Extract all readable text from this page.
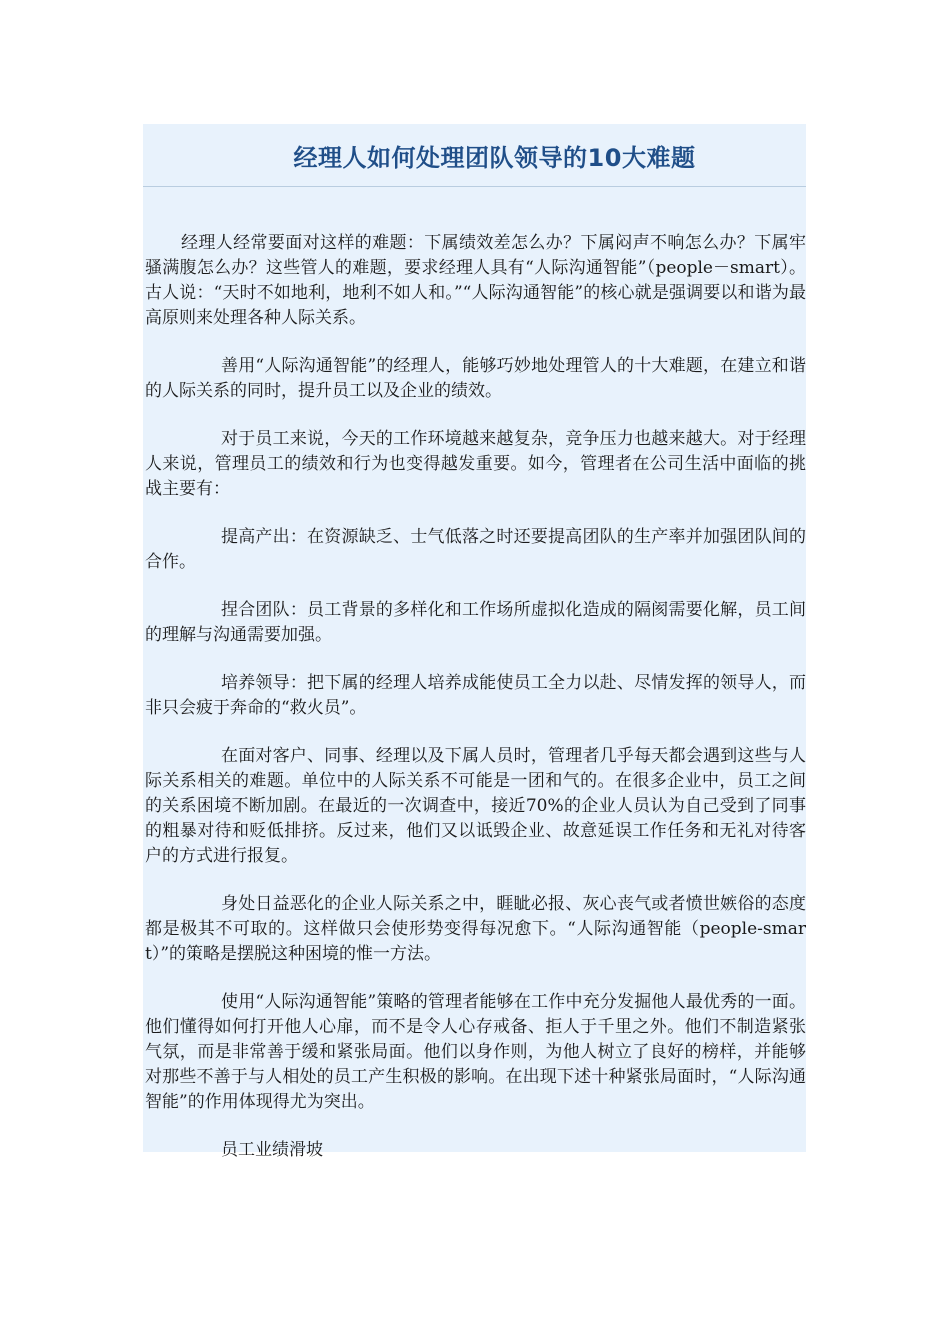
经理人如何处理团队领导的10大难题

经理人经常要面对这样的难题：下属绩效差怎么办？下属闷声不响怎么办？下属牢骚满腹怎么办？这些管人的难题，要求经理人具有“人际沟通智能”（people－smart）。古人说：“天时不如地利，地利不如人和。”“人际沟通智能”的核心就是强调要以和谐为最高原则来处理各种人际关系。

善用“人际沟通智能”的经理人，能够巧妙地处理管人的十大难题，在建立和谐的人际关系的同时，提升员工以及企业的绩效。

对于员工来说，今天的工作环境越来越复杂，竞争压力也越来越大。对于经理人来说，管理员工的绩效和行为也变得越发重要。如今，管理者在公司生活中面临的挑战主要有：

提高产出：在资源缺乏、士气低落之时还要提高团队的生产率并加强团队间的合作。

捏合团队：员工背景的多样化和工作场所虚拟化造成的隔阂需要化解，员工间的理解与沟通需要加强。

培养领导：把下属的经理人培养成能使员工全力以赴、尽情发挥的领导人，而非只会疲于奔命的“救火员”。

在面对客户、同事、经理以及下属人员时，管理者几乎每天都会遇到这些与人际关系相关的难题。单位中的人际关系不可能是一团和气的。在很多企业中，员工之间的关系困境不断加剧。在最近的一次调查中，接近70%的企业人员认为自己受到了同事的粗暴对待和贬低排挤。反过来，他们又以诋毁企业、故意延误工作任务和无礼对待客户的方式进行报复。

身处日益恶化的企业人际关系之中，睚眦必报、灰心丧气或者愤世嫉俗的态度都是极其不可取的。这样做只会使形势变得每况愈下。“人际沟通智能（people-smart）”的策略是摆脱这种困境的惟一方法。

使用“人际沟通智能”策略的管理者能够在工作中充分发掘他人最优秀的一面。他们懂得如何打开他人心扉，而不是令人心存戒备、拒人于千里之外。他们不制造紧张气氛，而是非常善于缓和紧张局面。他们以身作则，为他人树立了良好的榜样，并能够对那些不善于与人相处的员工产生积极的影响。在出现下述十种紧张局面时，“人际沟通智能”的作用体现得尤为突出。

员工业绩滑坡
